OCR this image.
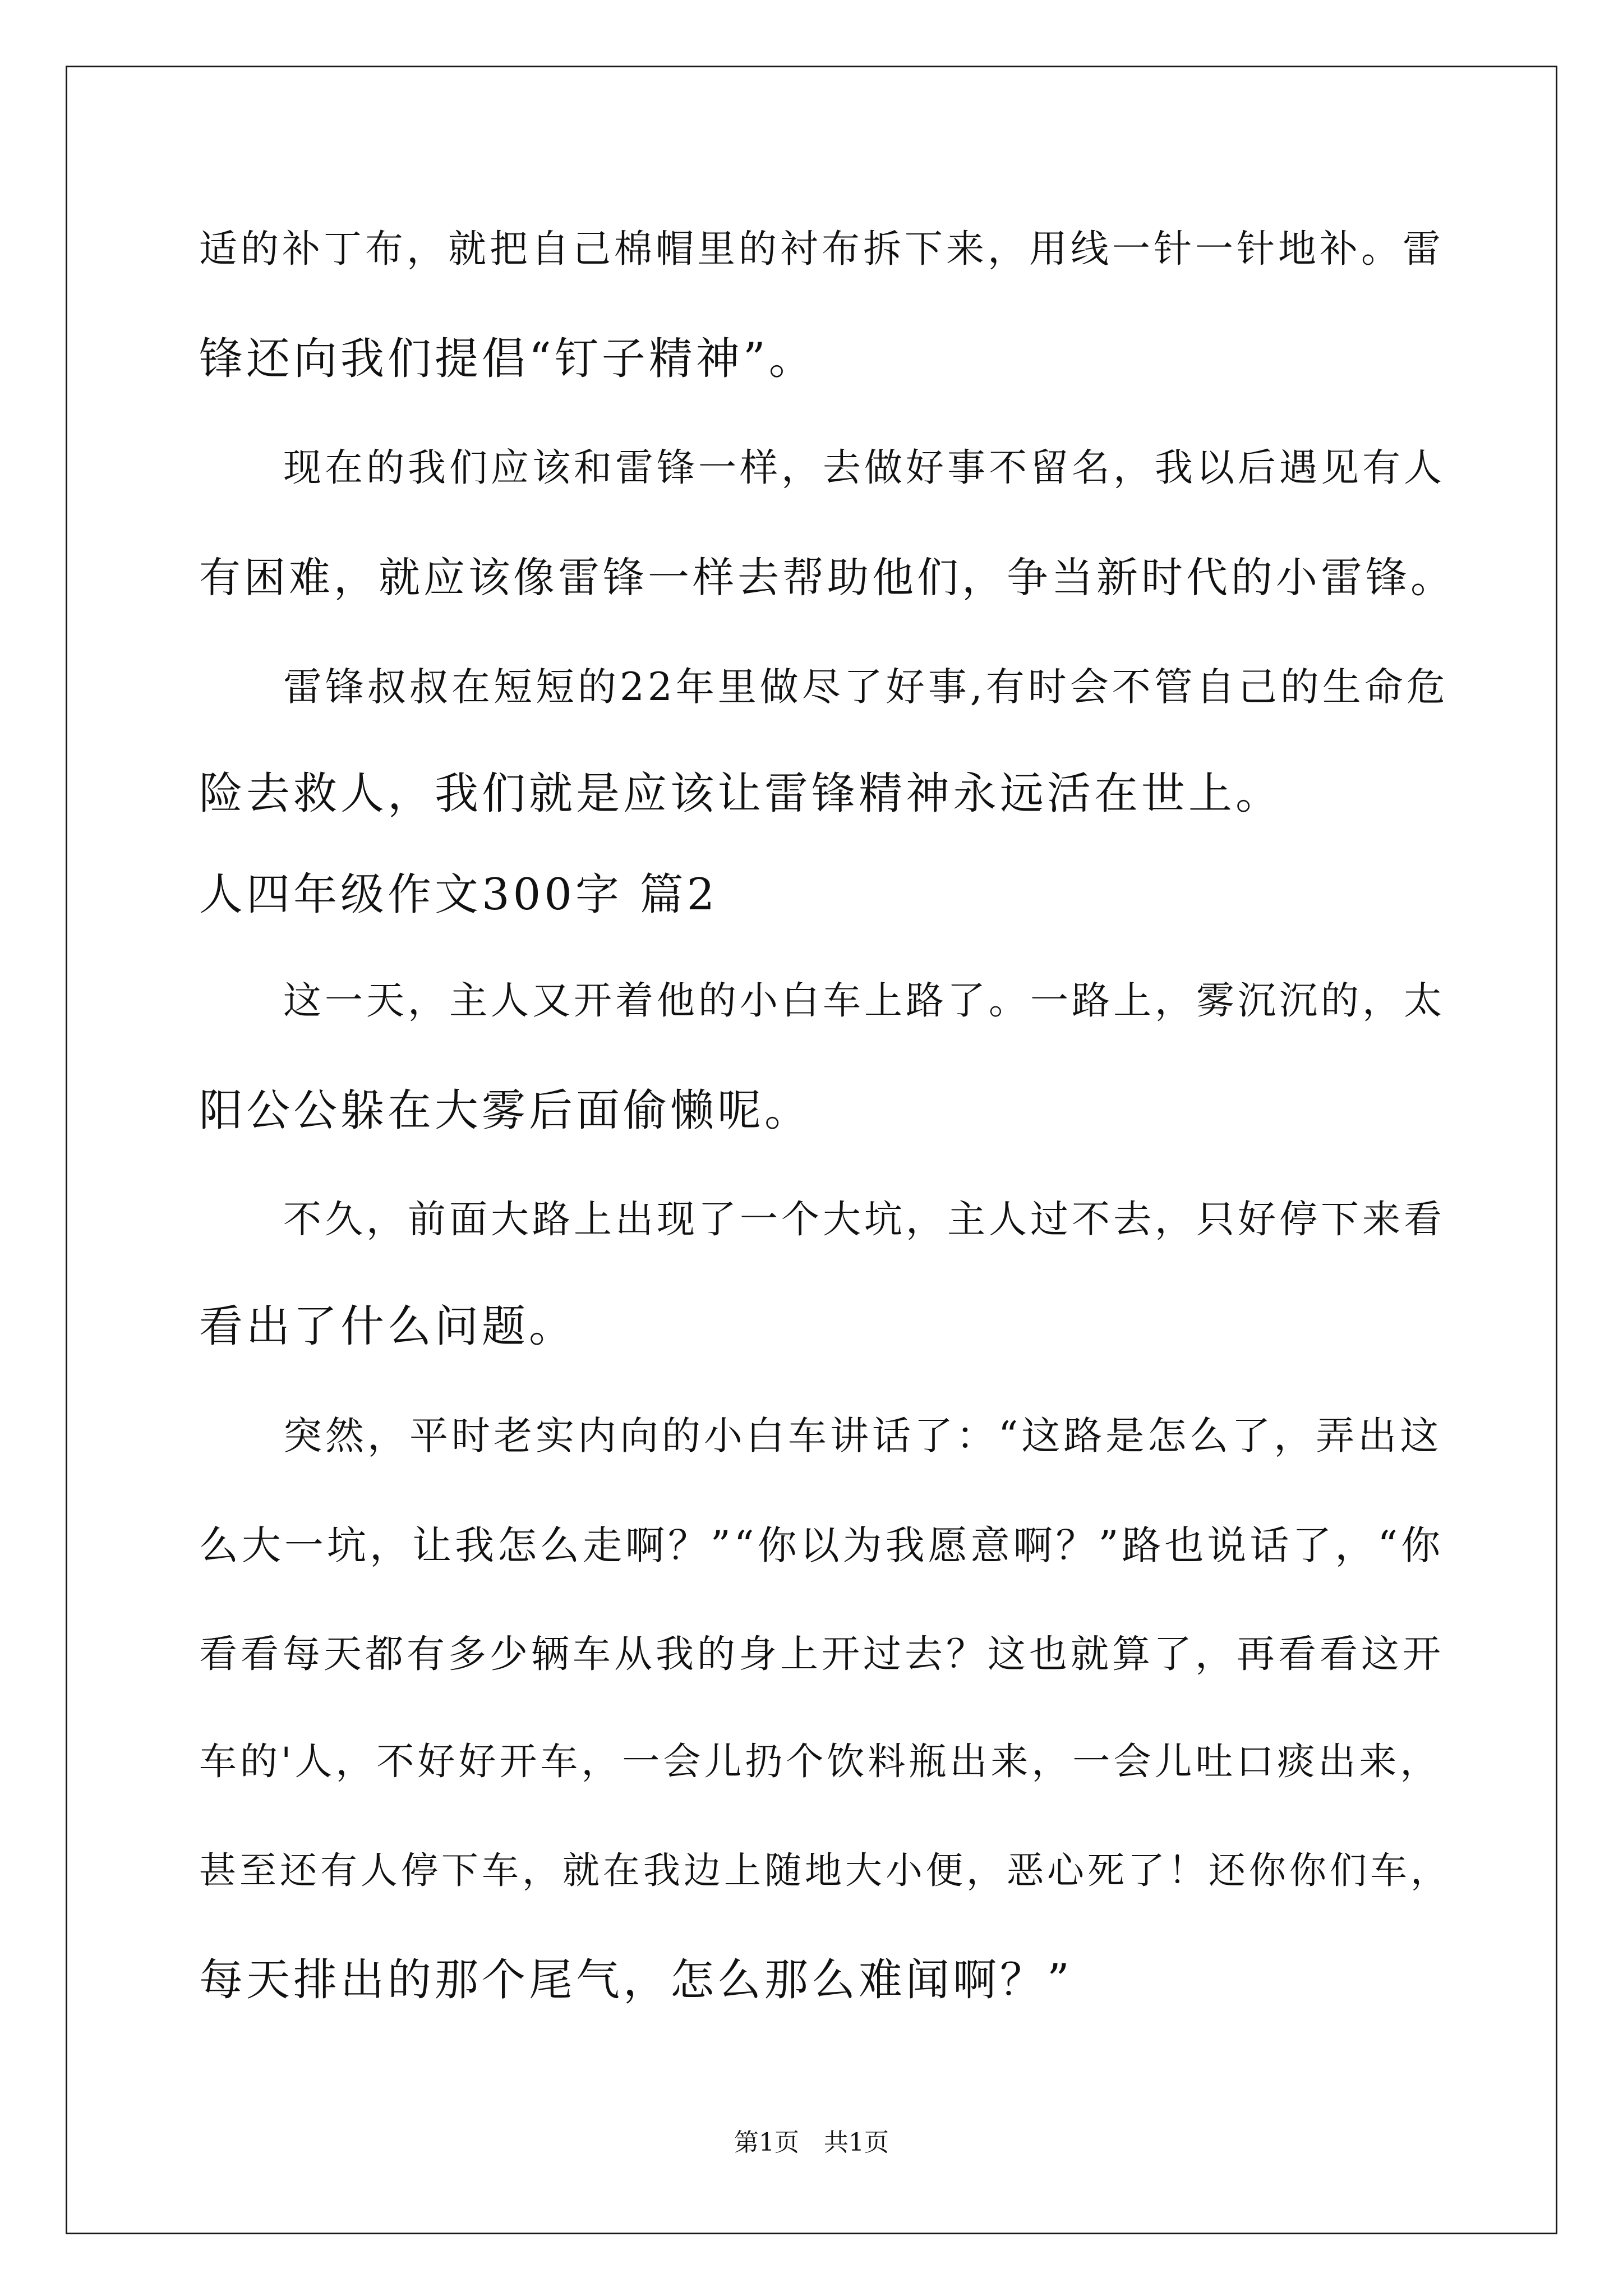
适的补丁布，就把自己棉帽里的衬布拆下来，用线一针一针地补。雷
锋还向我们提倡“钉子精神”。
现在的我们应该和雷锋一样，去做好事不留名，我以后遇见有人
有困难，就应该像雷锋一样去帮助他们，争当新时代的小雷锋。
雷锋叔叔在短短的22年里做尽了好事,有时会不管自己的生命危
险去救人，我们就是应该让雷锋精神永远活在世上。
人四年级作文300字 篇2
这一天，主人又开着他的小白车上路了。一路上，雾沉沉的，太
阳公公躲在大雾后面偷懒呢。
不久，前面大路上出现了一个大坑，主人过不去，只好停下来看
看出了什么问题。
突然，平时老实内向的小白车讲话了：“这路是怎么了，弄出这
么大一坑，让我怎么走啊？”“你以为我愿意啊？”路也说话了，“你
看看每天都有多少辆车从我的身上开过去？这也就算了，再看看这开
车的'人，不好好开车，一会儿扔个饮料瓶出来，一会儿吐口痰出来，
甚至还有人停下车，就在我边上随地大小便，恶心死了！还你你们车，
每天排出的那个尾气，怎么那么难闻啊？”
第1页　共1页
